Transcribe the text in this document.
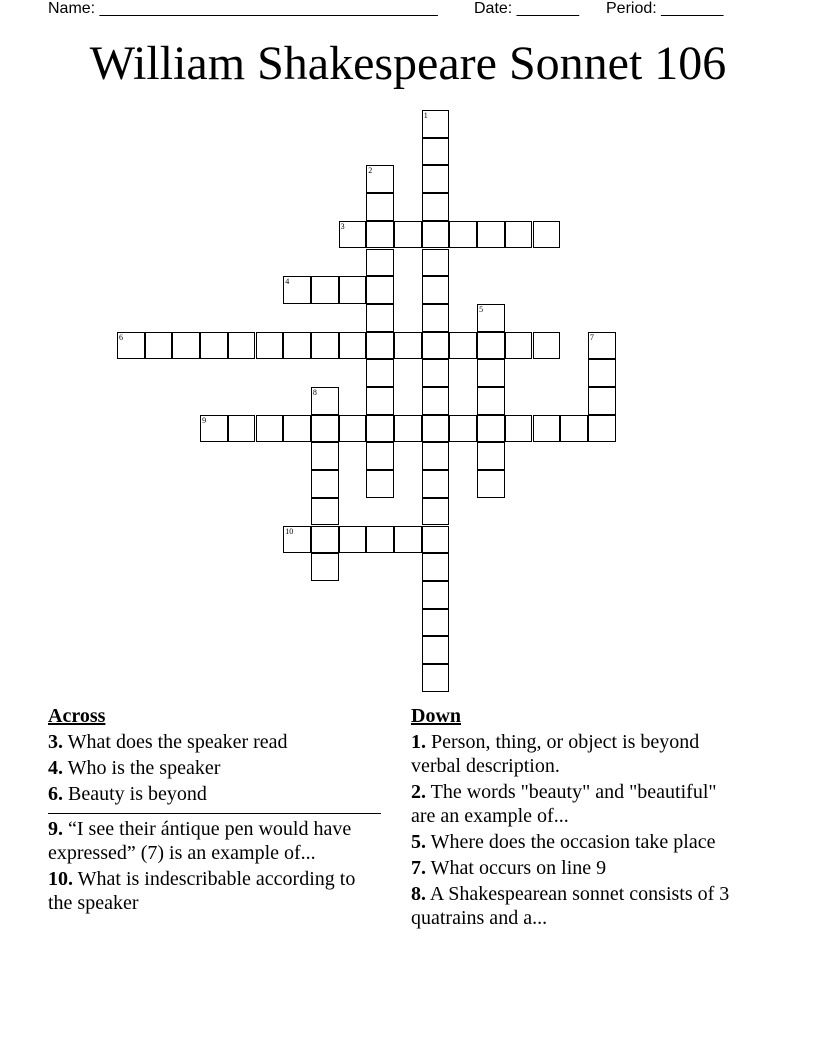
Name: ______________________________________ Date: _______ Period: _______
William Shakespeare Sonnet 106
1
2
3
4
5
6	7
8
9
10
Across
3. What does the speaker read
4. Who is the speaker
6. Beauty is beyond
9. “I see their ántique pen would have expressed” (7) is an example of...
10. What is indescribable according to the speaker
Down
1. Person, thing, or object is beyond verbal description.
2. The words "beauty" and "beautiful" are an example of...
5. Where does the occasion take place
7. What occurs on line 9
8. A Shakespearean sonnet consists of 3 quatrains and a...
